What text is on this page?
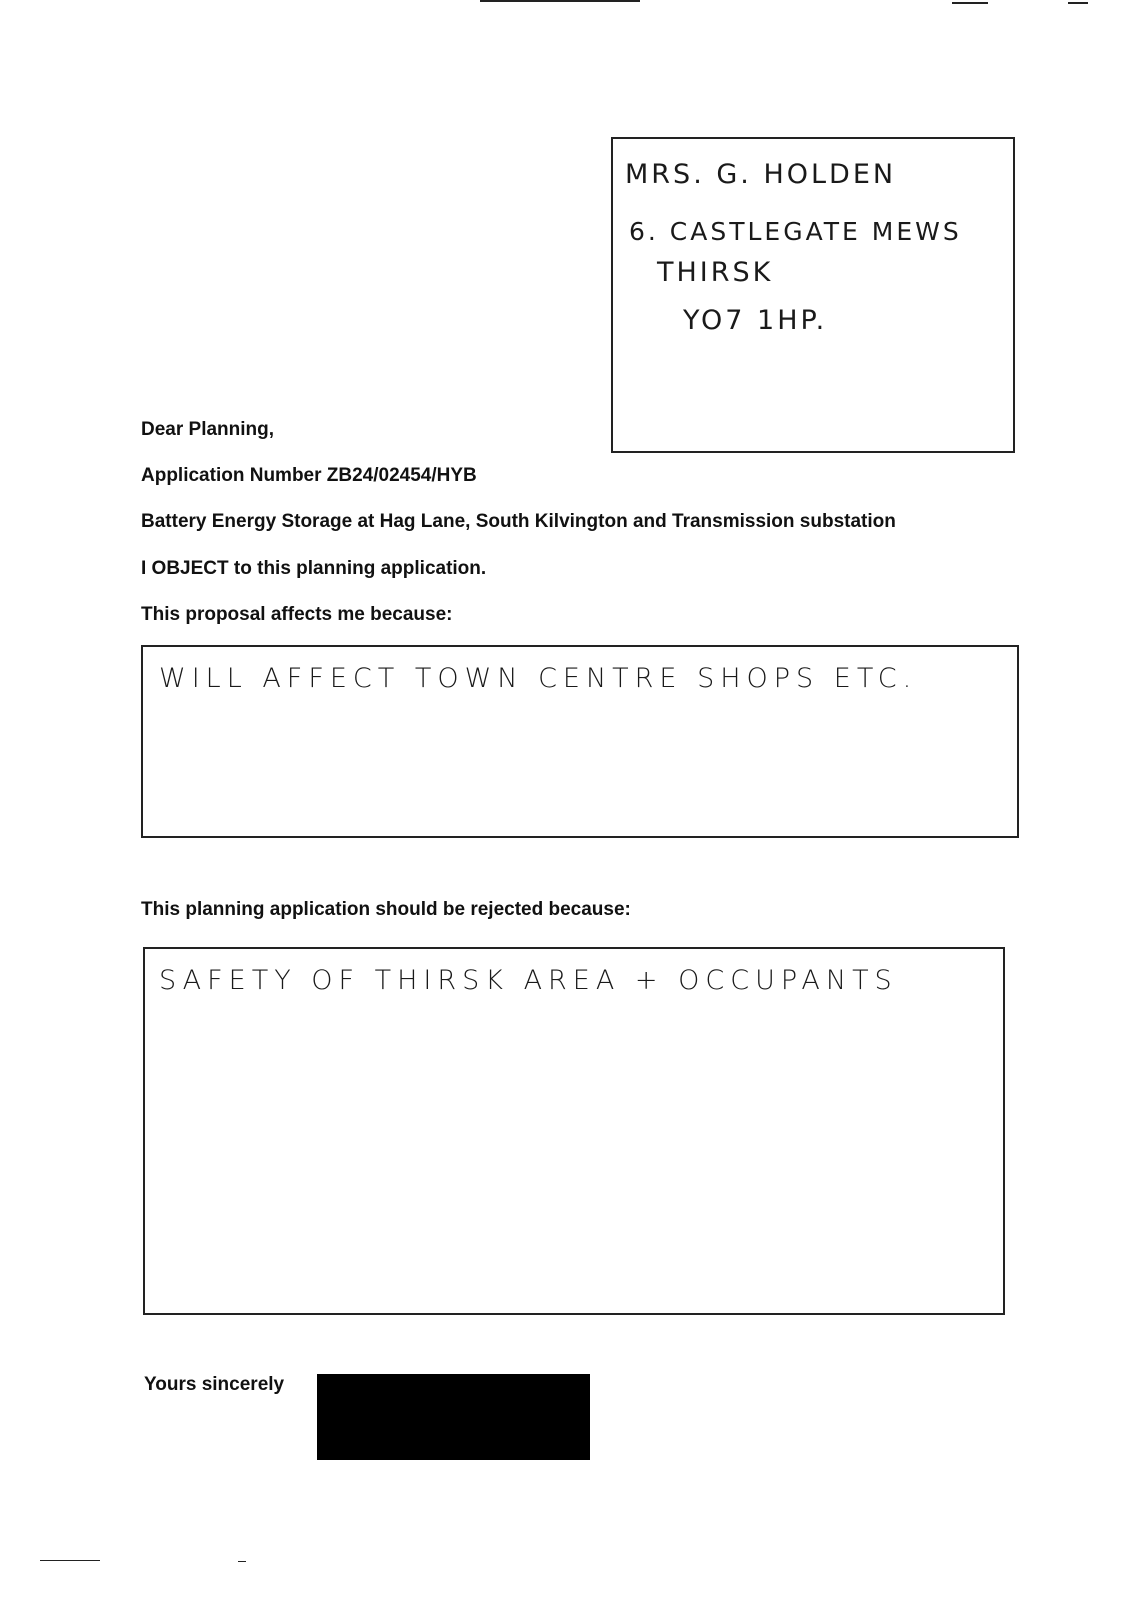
MRS. G. HOLDEN
6. CASTLEGATE MEWS
THIRSK
YO7 1HP.
Dear Planning,
Application Number ZB24/02454/HYB
Battery Energy Storage at Hag Lane, South Kilvington and Transmission substation
I OBJECT to this planning application.
This proposal affects me because:
WILL AFFECT TOWN CENTRE SHOPS ETC.
This planning application should be rejected because:
SAFETY OF THIRSK AREA + OCCUPANTS
Yours sincerely
